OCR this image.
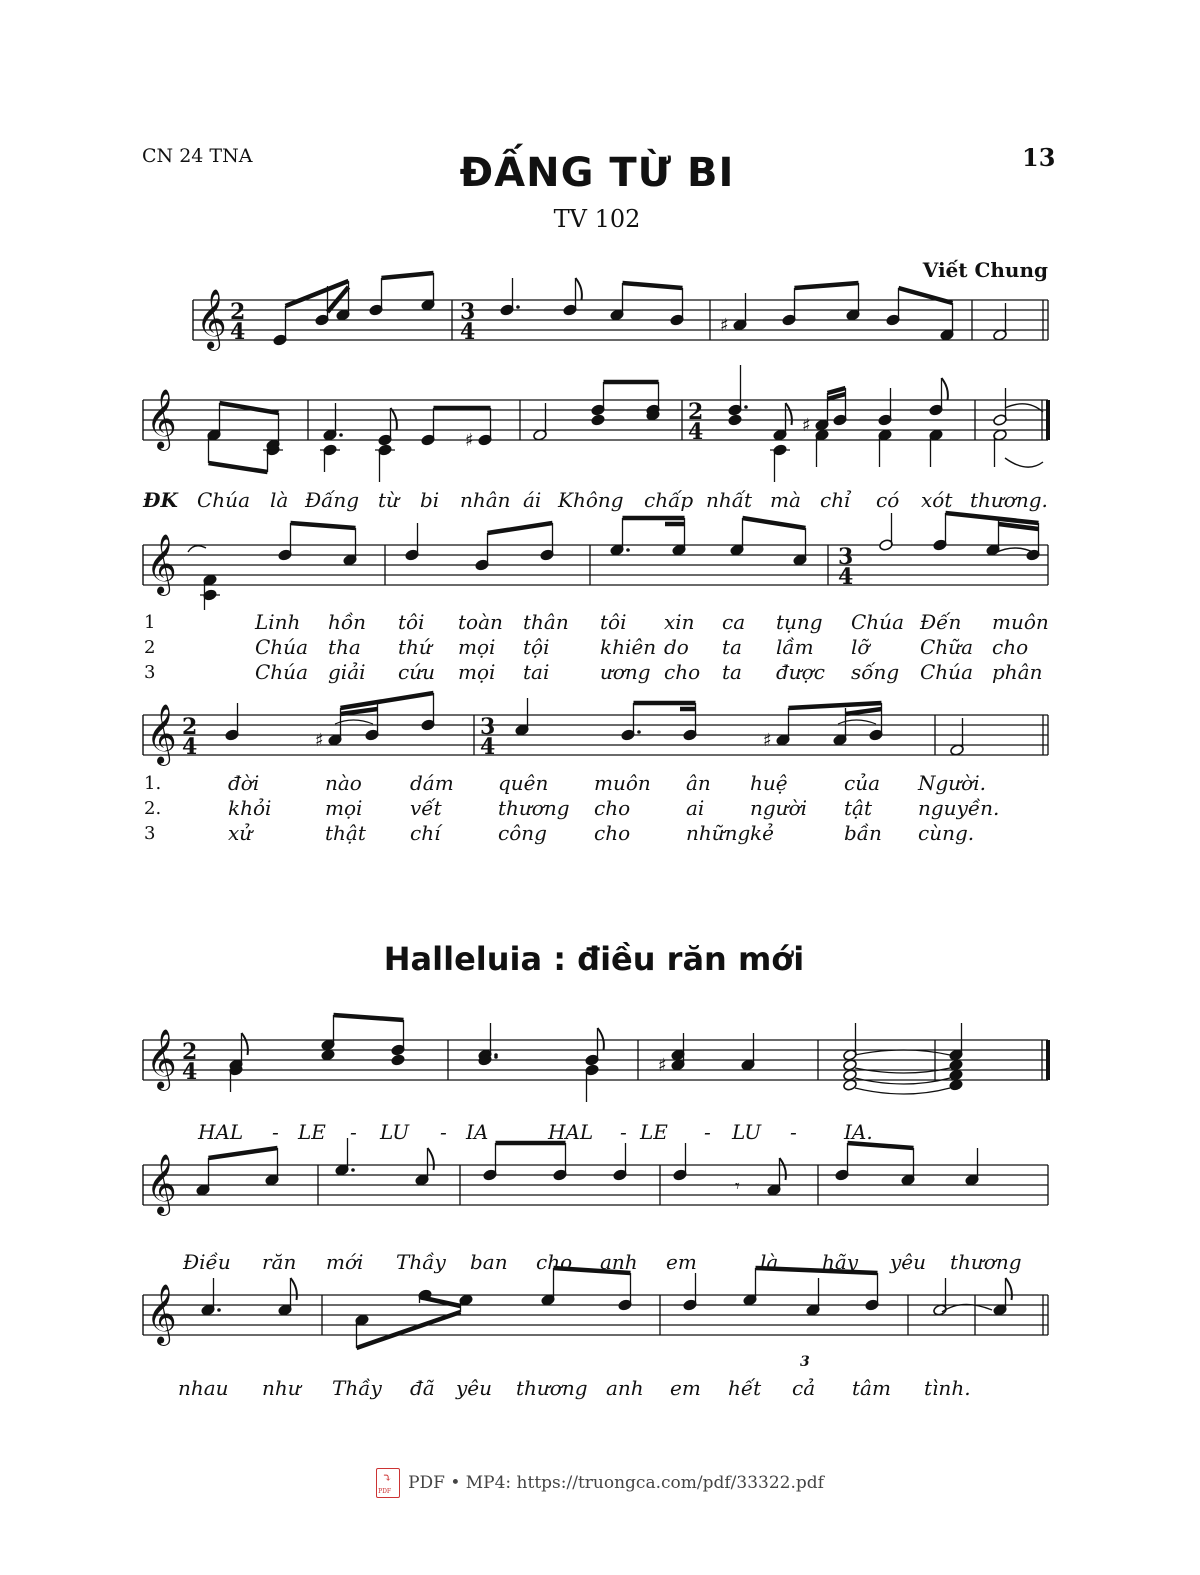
CN 24 TNA	13
ĐẤNG TỪ BI
TV 102
Viết Chung
𝄞 2
4
3
4	♯
𝄞	♯
2
4	♯
𝄞	3
4
𝄞 2
4	♯
3
4	♯
𝄞 2
4	♯
𝄞	𝄾
𝄞
3
ĐK Chúa là Đấng từ bi nhân ái Không chấp nhất mà chỉ có xót thương.
1	Linh hồn tôi toàn thân tôi xin ca tụng Chúa Đến muôn
2	Chúa tha thứ mọi tội	khiên do ta lầm lỡ	Chữa cho
3	Chúa giải cứu mọi tai	ương cho ta được sống Chúa phân
1.	đời	nào dám quên muôn ân huệ	của Người.
2.	khỏi	mọi vết	thương cho	ai người tật nguyền.
3	xử	thật chí	công cho	những kẻ	bần cùng.
Halleluia : điều răn mới
HAL - LE - LU - IA	HAL - LE - LU - IA.
Điều răn mới Thầy ban cho anh em	là hãy yêu thương
nhau như Thầy đã yêu thương anh em hết cả tâm tình.
⤵ PDFPDF • MP4: https://truongca.com/pdf/33322.pdf
